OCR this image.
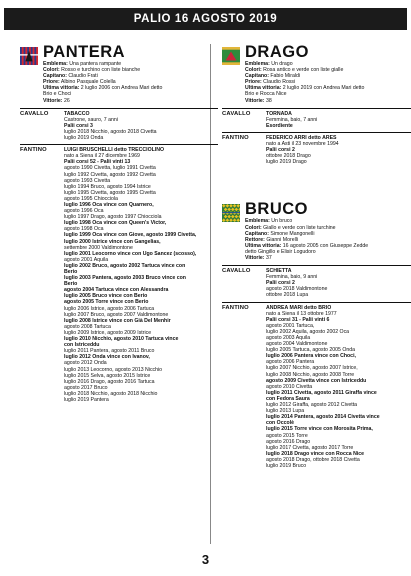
PALIO 16 AGOSTO 2019
PANTERA
Emblema: Una pantera rampante
Colori: Rosso e turchino con liste bianche
Capitano: Claudio Frati
Priore: Albino Pasquale Colella
Ultima vittoria: 2 luglio 2006 con Andrea Mari detto
Brio e Choci
Vittorie: 26
CAVALLO	TABACCO
Castrone, sauro, 7 anni
Palii corsi 3
luglio 2018 Nicchio, agosto 2018 Civetta
luglio 2019 Onda
FANTINO	LUIGI BRUSCHELLI detto TRECCIOLINO
nato a Siena il 27 dicembre 1969
Palii corsi 52 - Palii vinti 13
agosto 1990 Civetta, luglio 1991 Civetta
luglio 1992 Civetta, agosto 1992 Civetta
agosto 1993 Civetta
luglio 1994 Bruco, agosto 1994 Istrice
luglio 1995 Civetta, agosto 1995 Civetta
agosto 1995 Chiocciola
luglio 1996 Oca vince con Quarnero,
agosto 1996 Oca
luglio 1997 Drago, agosto 1997 Chiocciola
luglio 1998 Oca vince con Queen's Victor,
agosto 1998 Oca
luglio 1999 Oca vince con Giove, agosto 1999 Civetta,
luglio 2000 Istrice vince con Gangelias,
settembre 2000 Valdimontone
luglio 2001 Leocorno vince con Ugo Sancez (scosso),
agosto 2001 Aquila
luglio 2002 Bruco, agosto 2002 Tartuca vince con
Berio
luglio 2003 Pantera, agosto 2003 Bruco vince con
Berio
agosto 2004 Tartuca vince con Alessandra
luglio 2005 Bruco vince con Berio
agosto 2005 Torre vince con Berio
luglio 2006 Istrice, agosto 2006 Tartuca
luglio 2007 Bruco, agosto 2007 Valdimontone
luglio 2008 Istrice vince con Già Del Menhir
agosto 2008 Tartuca
luglio 2009 Istrice, agosto 2009 Istrice
luglio 2010 Nicchio, agosto 2010 Tartuca vince
con Istriceddu
luglio 2011 Pantera, agosto 2011 Bruco
luglio 2012 Onda vince con Ivanov,
agosto 2012 Onda
luglio 2013 Leocorno, agosto 2013 Nicchio
luglio 2015 Selva, agosto 2015 Istrice
luglio 2016 Drago, agosto 2016 Tartuca
agosto 2017 Bruco
luglio 2018 Nicchio, agosto 2018 Nicchio
luglio 2019 Pantera
DRAGO
Emblema: Un drago
Colori: Rosa antico e verde con liste gialle
Capitano: Fabio Miraldi
Priore: Claudio Rossi
Ultima vittoria: 2 luglio 2019 con Andrea Mari detto
Brio e Rocca Nice
Vittorie: 38
CAVALLO	TORNADA
Femmina, baio, 7 anni
Esordiente
FANTINO	FEDERICO ARRI detto ARES
nato a Asti il 23 novembre 1994
Palii corsi 2
ottobre 2018 Drago
luglio 2019 Drago
BRUCO
Emblema: Un bruco
Colori: Giallo e verde con liste turchine
Capitano: Simone Mangonelli
Rettore: Gianni Morelli
Ultima vittoria: 16 agosto 2005 con Giuseppe Zedde
detto Gingillo e Elisir Logudoro
Vittorie: 37
CAVALLO	SCHIETTA
Femmina, baio, 9 anni
Palii corsi 2
agosto 2018 Valdimontone
ottobre 2018 Lupa
FANTINO	ANDREA MARI detto BRIO
nato a Siena il 13 ottobre 1977
Palii corsi 31 - Palii vinti 6
agosto 2001 Tartuca,
luglio 2002 Aquila, agosto 2002 Oca
agosto 2003 Aquila
agosto 2004 Valdimontone
luglio 2005 Tartuca, agosto 2005 Onda
luglio 2006 Pantera vince con Choci,
agosto 2006 Pantera
luglio 2007 Nicchio, agosto 2007 Istrice,
luglio 2008 Nicchio, agosto 2008 Torre
agosto 2009 Civetta vince con Istriceddu
agosto 2010 Civetta
luglio 2011 Civetta, agosto 2011 Giraffa vince
con Fedora Saura
luglio 2012 Giraffa, agosto 2012 Civetta
luglio 2013 Lupa
luglio 2014 Pantera, agosto 2014 Civetta vince
con Occolè
luglio 2015 Torre vince con Morosita Prima,
agosto 2015 Torre
agosto 2016 Drago
luglio 2017 Civetta, agosto 2017 Torre
luglio 2018 Drago vince con Rocca Nice
agosto 2018 Drago, ottobre 2018 Civetta
luglio 2019 Bruco
3
